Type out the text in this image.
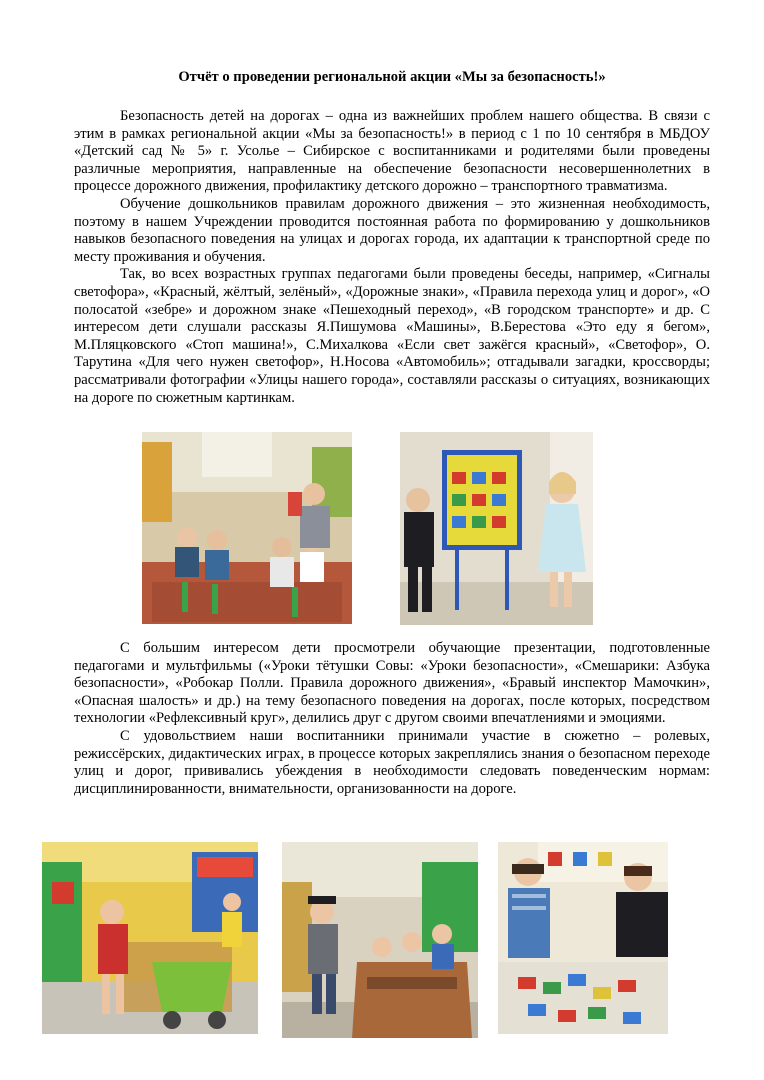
Отчёт о проведении региональной акции «Мы за безопасность!»

Безопасность детей на дорогах – одна из важнейших проблем нашего общества. В связи с этим в рамках региональной акции «Мы за безопасность!» в период с 1 по 10 сентября в МБДОУ «Детский сад № 5» г. Усолье – Сибирское с воспитанниками и родителями были проведены различные мероприятия, направленные на обеспечение безопасности несовершеннолетних в процессе дорожного движения, профилактику детского дорожно – транспортного травматизма.

Обучение дошкольников правилам дорожного движения – это жизненная необходимость, поэтому в нашем Учреждении проводится постоянная работа по формированию у дошкольников навыков безопасного поведения на улицах и дорогах города, их адаптации к транспортной среде по месту проживания и обучения.

Так, во всех возрастных группах педагогами были проведены беседы, например, «Сигналы светофора», «Красный, жёлтый, зелёный», «Дорожные знаки», «Правила перехода улиц и дорог», «О полосатой «зебре» и дорожном знаке «Пешеходный переход», «В городском транспорте» и др. С интересом дети слушали рассказы Я.Пишумова «Машины», В.Берестова «Это еду я бегом», М.Пляцковского «Стоп машина!», С.Михалкова «Если свет зажёгся красный», «Светофор», О. Тарутина «Для чего нужен светофор», Н.Носова «Автомобиль»; отгадывали загадки, кроссворды; рассматривали фотографии «Улицы нашего города», составляли рассказы о ситуациях, возникающих на дороге по сюжетным картинкам.

С большим интересом дети просмотрели обучающие презентации, подготовленные педагогами и мультфильмы («Уроки тётушки Совы: «Уроки безопасности», «Смешарики: Азбука безопасности», «Робокар Полли. Правила дорожного движения», «Бравый инспектор Мамочкин», «Опасная шалость» и др.) на тему безопасного поведения на дорогах, после которых, посредством технологии «Рефлексивный круг», делились друг с другом своими впечатлениями и эмоциями.

С удовольствием наши воспитанники принимали участие в сюжетно – ролевых, режиссёрских, дидактических играх, в процессе которых закреплялись знания о безопасном переходе улиц и дорог, прививались убеждения в необходимости следовать поведенческим нормам: дисциплинированности, внимательности, организованности на дороге.
